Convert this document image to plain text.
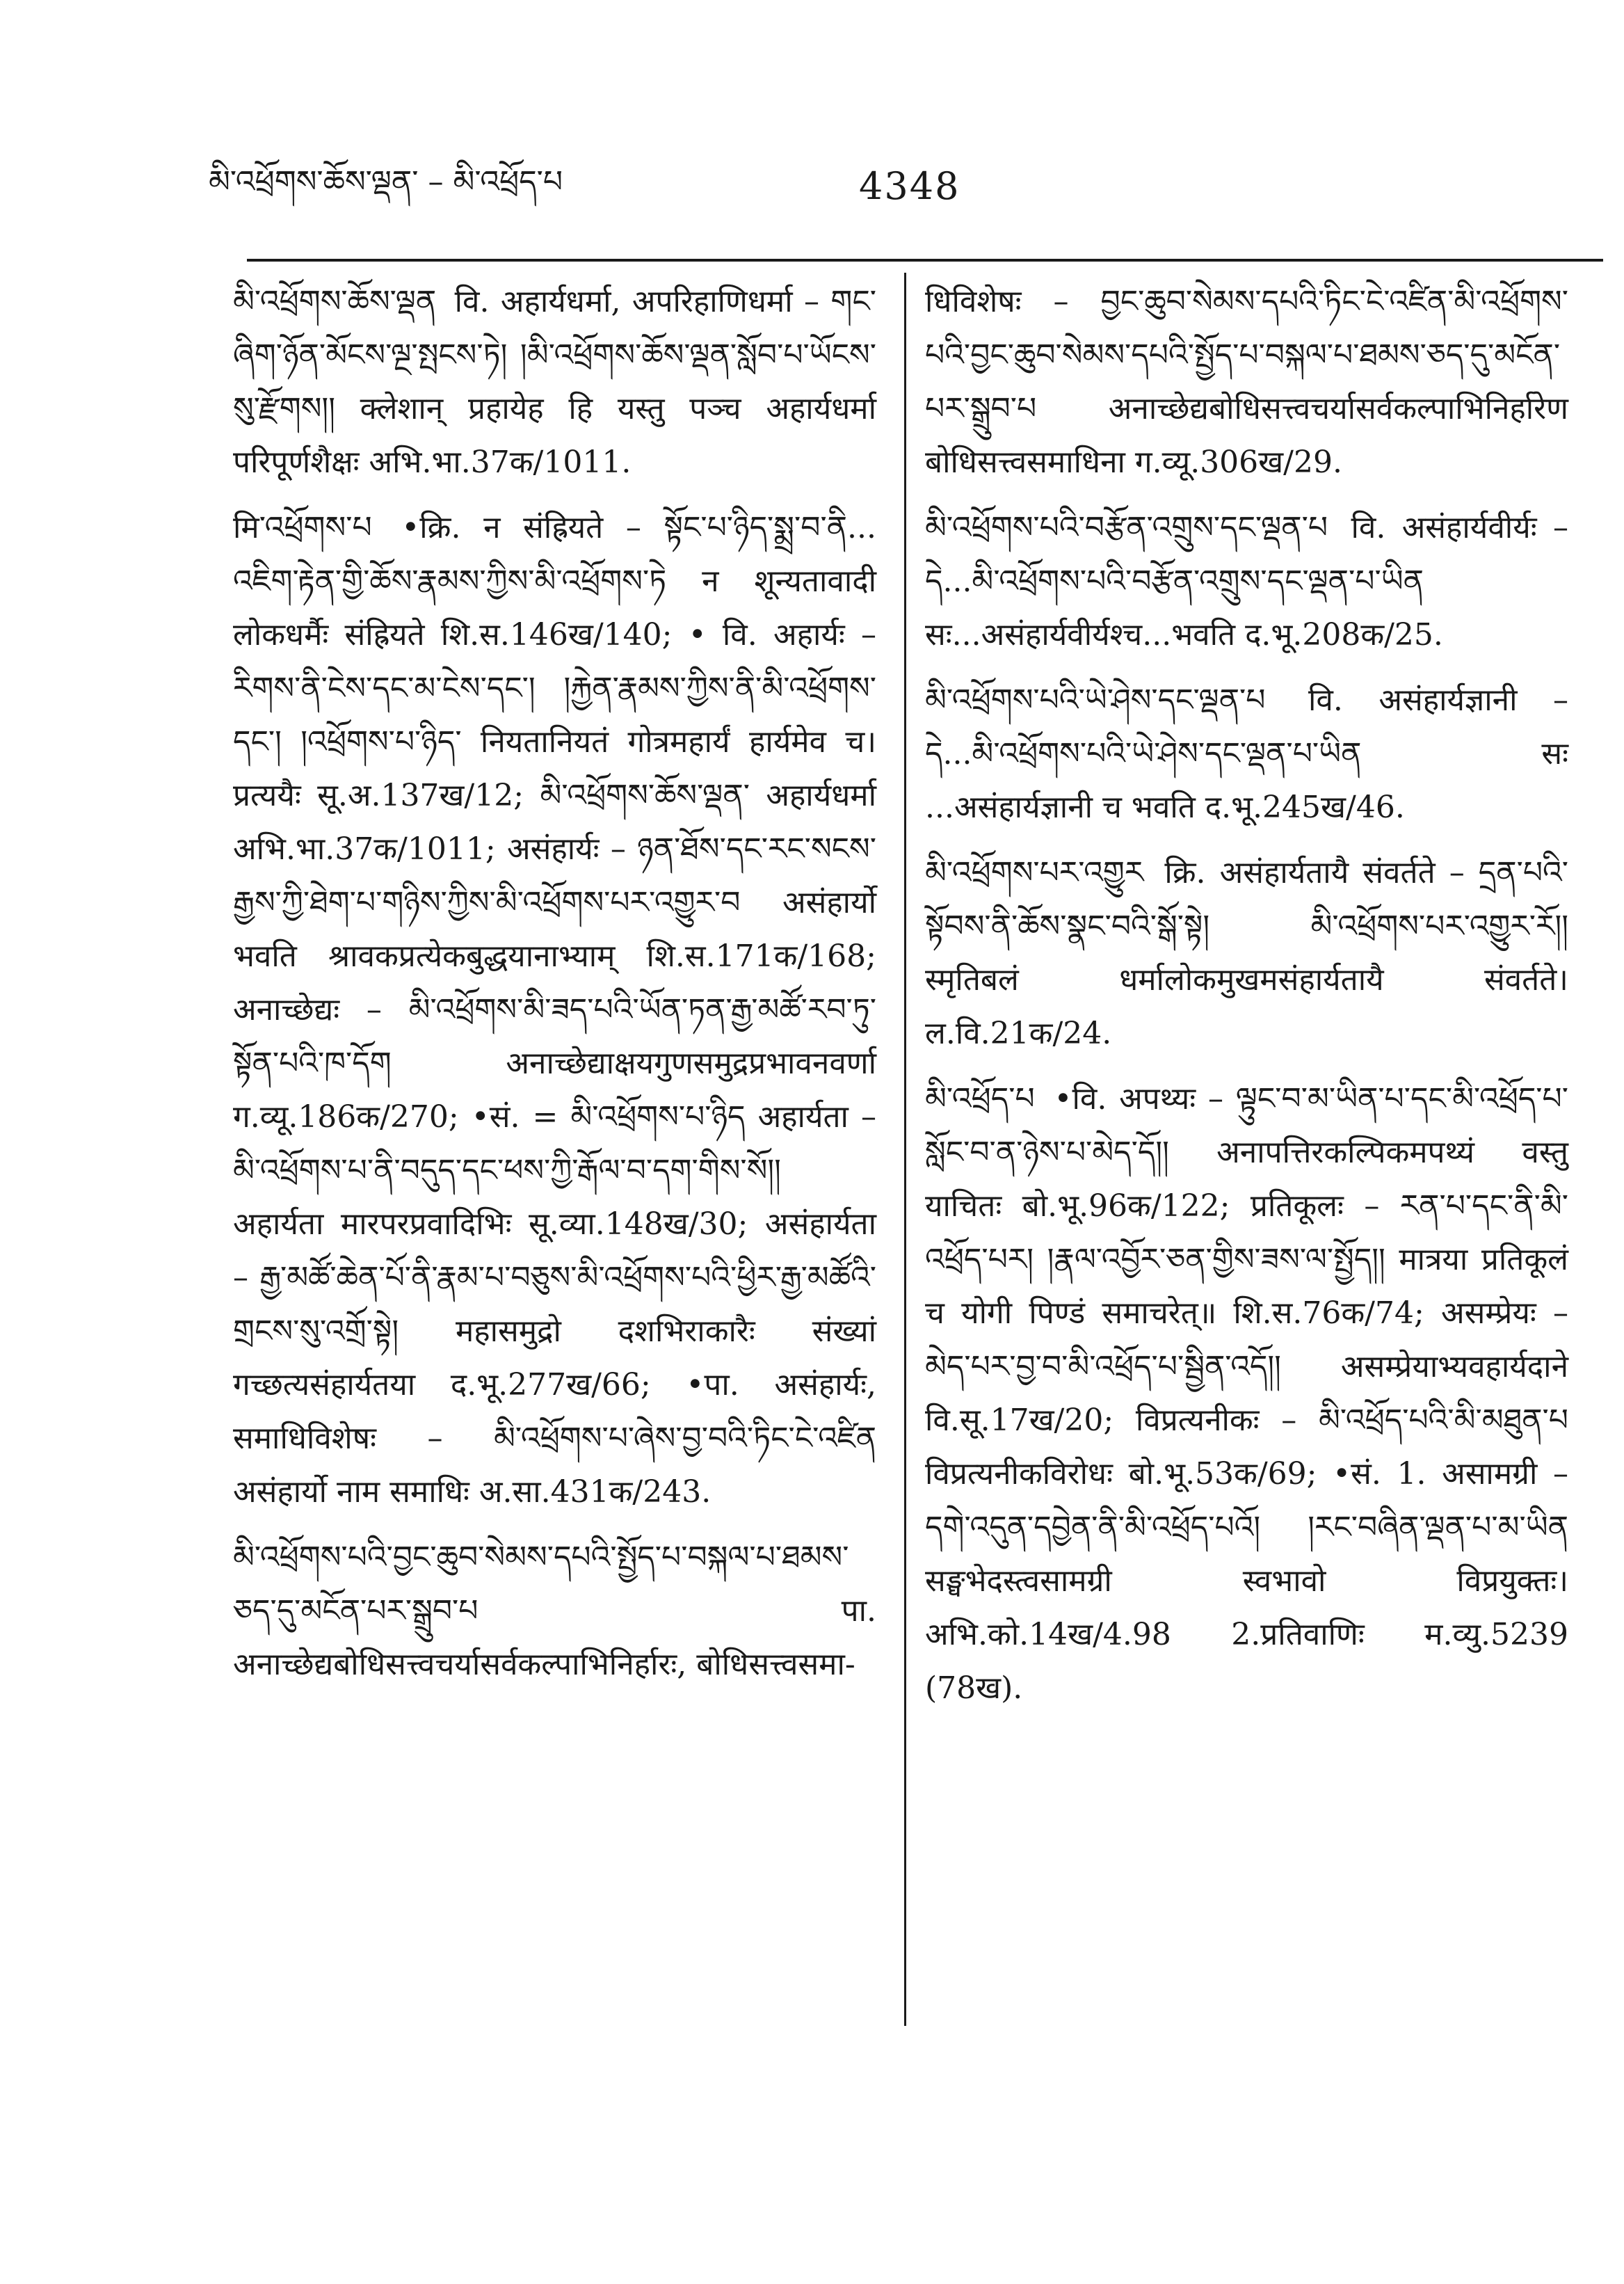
མི་འཕྲོགས་ཆོས་ལྡན་ – མི་འཕྲོད་པ	4348

མི་འཕྲོགས་ཆོས་ལྡན वि. अहार्यधर्मा, अपरिहाणिधर्मा – གང་ཞིག་ཉོན་མོངས་ལྔ་སྤངས་ཏེ། །མི་འཕྲོགས་ཆོས་ལྡན་སློབ་པ་ཡོངས་སུ་རྫོགས།། क्लेशान् प्रहायेह हि यस्तु पञ्च अहार्यधर्मा परिपूर्णशैक्षः अभि.भा.37क/1011.

मि་འཕྲོགས་པ •क्रि. न संह्रियते – སྟོང་པ་ཉིད་སྨྲ་བ་ནི... འཇིག་རྟེན་གྱི་ཆོས་རྣམས་ཀྱིས་མི་འཕྲོགས་ཏེ न शून्यतावादी लोकधर्मैः संह्रियते शि.स.146ख/140; • वि. अहार्यः – རིགས་ནི་ངེས་དང་མ་ངེས་དང་། །རྐྱེན་རྣམས་ཀྱིས་ནི་མི་འཕྲོགས་དང་། །འཕྲོགས་པ་ཉིད་ नियतानियतं गोत्रमहार्यं हार्यमेव च। प्रत्ययैः सू.अ.137ख/12; མི་འཕྲོགས་ཆོས་ལྡན་ अहार्यधर्मा अभि.भा.37क/1011; असंहार्यः – ཉན་ཐོས་དང་རང་སངས་རྒྱས་ཀྱི་ཐེག་པ་གཉིས་ཀྱིས་མི་འཕྲོགས་པར་འགྱུར་བ असंहार्यो भवति श्रावकप्रत्येकबुद्धयानाभ्याम् शि.स.171क/168; अनाच्छेद्यः – མི་འཕྲོགས་མི་ཟད་པའི་ཡོན་ཏན་རྒྱ་མཚོ་རབ་ཏུ་སྟོན་པའི་ཁ་དོག अनाच्छेद्याक्षयगुणसमुद्रप्रभावनवर्णा ग.व्यू.186क/270; •सं. = མི་འཕྲོགས་པ་ཉིད अहार्यता – མི་འཕྲོགས་པ་ནི་བདུད་དང་ཕས་ཀྱི་རྒོལ་བ་དག་གིས་སོ།། अहार्यता मारपरप्रवादिभिः सू.व्या.148ख/30; असंहार्यता – རྒྱ་མཚོ་ཆེན་པོ་ནི་རྣམ་པ་བཅུས་མི་འཕྲོགས་པའི་ཕྱིར་རྒྱ་མཚོའི་གྲངས་སུ་འགྲོ་སྟེ། महासमुद्रो दशभिराकारैः संख्यां गच्छत्यसंहार्यतया द.भू.277ख/66; •पा. असंहार्यः, समाधिविशेषः – མི་འཕྲོགས་པ་ཞེས་བྱ་བའི་ཏིང་ངེ་འཛིན असंहार्यो नाम समाधिः अ.सा.431क/243.

མི་འཕྲོགས་པའི་བྱང་ཆུབ་སེམས་དཔའི་སྤྱོད་པ་བསྐལ་པ་ཐམས་ཅད་དུ་མངོན་པར་སྒྲུབ་པ	पा. अनाच्छेद्यबोधिसत्त्वचर्यासर्वकल्पाभिनिर्हारः, बोधिसत्त्वसमा-

धिविशेषः – བྱང་ཆུབ་སེམས་དཔའི་ཏིང་ངེ་འཛིན་མི་འཕྲོགས་པའི་བྱང་ཆུབ་སེམས་དཔའི་སྤྱོད་པ་བསྐལ་པ་ཐམས་ཅད་དུ་མངོན་པར་སྒྲུབ་པ अनाच्छेद्यबोधिसत्त्वचर्यासर्वकल्पाभिनिर्हारेण बोधिसत्त्वसमाधिना ग.व्यू.306ख/29.

མི་འཕྲོགས་པའི་བརྩོན་འགྲུས་དང་ལྡན་པ वि. असंहार्यवीर्यः – དེ...མི་འཕྲོགས་པའི་བརྩོན་འགྲུས་དང་ལྡན་པ་ཡིན सः...असंहार्यवीर्यश्च...भवति द.भू.208क/25.

མི་འཕྲོགས་པའི་ཡེ་ཤེས་དང་ལྡན་པ वि. असंहार्यज्ञानी – དེ...མི་འཕྲོགས་པའི་ཡེ་ཤེས་དང་ལྡན་པ་ཡིན सः ...असंहार्यज्ञानी च भवति द.भू.245ख/46.

མི་འཕྲོགས་པར་འགྱུར क्रि. असंहार्यतायै संवर्तते – དྲན་པའི་སྟོབས་ནི་ཆོས་སྣང་བའི་སྒོ་སྟེ། མི་འཕྲོགས་པར་འགྱུར་རོ།། स्मृतिबलं धर्मालोकमुखमसंहार्यतायै संवर्तते। ल.वि.21क/24.

མི་འཕྲོད་པ •वि. अपथ्यः – ལྟུང་བ་མ་ཡིན་པ་དང་མི་འཕྲོད་པ་སློང་བ་ན་ཉེས་པ་མེད་དོ།། अनापत्तिरकल्पिकमपथ्यं वस्तु याचितः बो.भू.96क/122; प्रतिकूलः – རན་པ་དང་ནི་མི་འཕྲོད་པར། །རྣལ་འབྱོར་ཅན་གྱིས་ཟས་ལ་སྤྱོད།། मात्रया प्रतिकूलं च योगी पिण्डं समाचरेत्॥ शि.स.76क/74; असम्प्रेयः – མེད་པར་བྱ་བ་མི་འཕྲོད་པ་སྦྱིན་འདོ།། असम्प्रेयाभ्यवहार्यदाने वि.सू.17ख/20; विप्रत्यनीकः – མི་འཕྲོད་པའི་མི་མཐུན་པ विप्रत्यनीकविरोधः बो.भू.53क/69; •सं. 1. असामग्री – དགེ་འདུན་དབྱེན་ནི་མི་འཕྲོད་པའོ། །རང་བཞིན་ལྡན་པ་མ་ཡིན सङ्घभेदस्त्वसामग्री स्वभावो विप्रयुक्तः। अभि.को.14ख/4.98 2.प्रतिवाणिः म.व्यु.5239 (78ख).
